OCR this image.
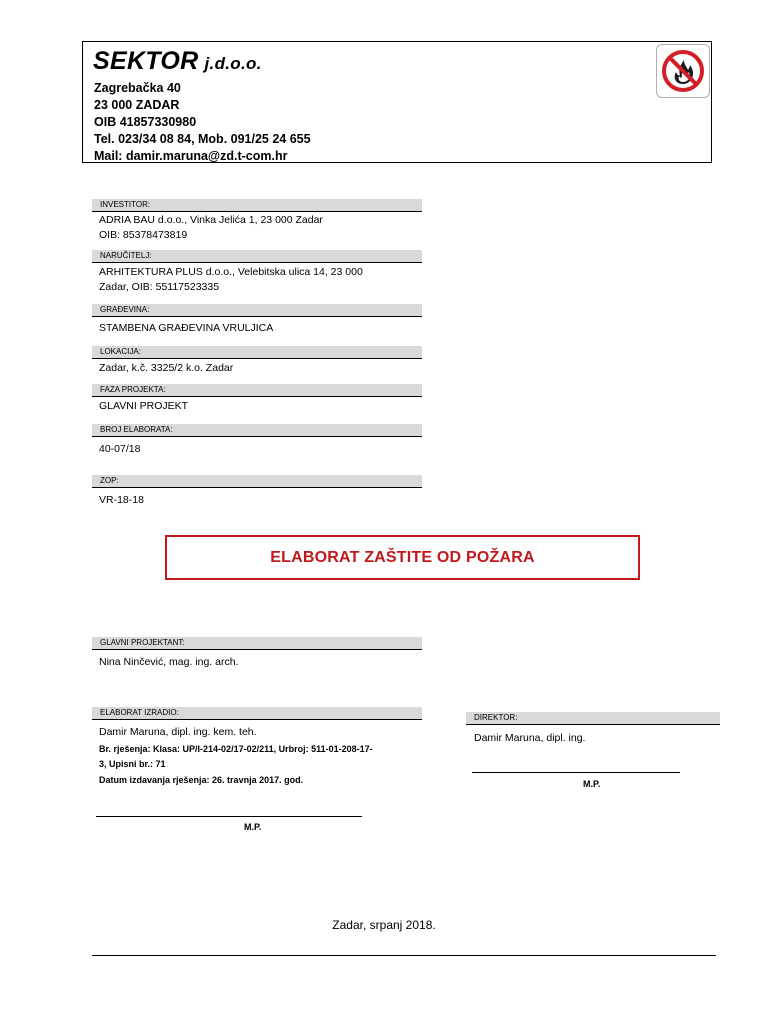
SEKTOR j.d.o.o.
Zagrebačka 40
23 000 ZADAR
OIB 41857330980
Tel. 023/34 08 84, Mob. 091/25 24 655
Mail: damir.maruna@zd.t-com.hr
INVESTITOR:
ADRIA BAU d.o.o., Vinka Jelića 1, 23 000 Zadar
OIB: 85378473819
NARUČITELJ:
ARHITEKTURA PLUS d.o.o., Velebitska ulica 14, 23 000
Zadar, OIB: 55117523335
GRAĐEVINA:
STAMBENA GRAĐEVINA VRULJICA
LOKACIJA:
Zadar, k.č. 3325/2 k.o. Zadar
FAZA PROJEKTA:
GLAVNI PROJEKT
BROJ ELABORATA:
40-07/18
ZOP:
VR-18-18
ELABORAT ZAŠTITE OD POŽARA
GLAVNI PROJEKTANT:
Nina Ninčević, mag. ing. arch.
ELABORAT IZRADIO:
Damir Maruna, dipl. ing. kem. teh.
Br. rješenja: Klasa: UP/I-214-02/17-02/211, Urbroj: 511-01-208-17-
3, Upisni br.: 71
Datum izdavanja rješenja: 26. travnja 2017. god.
M.P.
DIREKTOR:
Damir Maruna, dipl. ing.
M.P.
Zadar, srpanj 2018.
